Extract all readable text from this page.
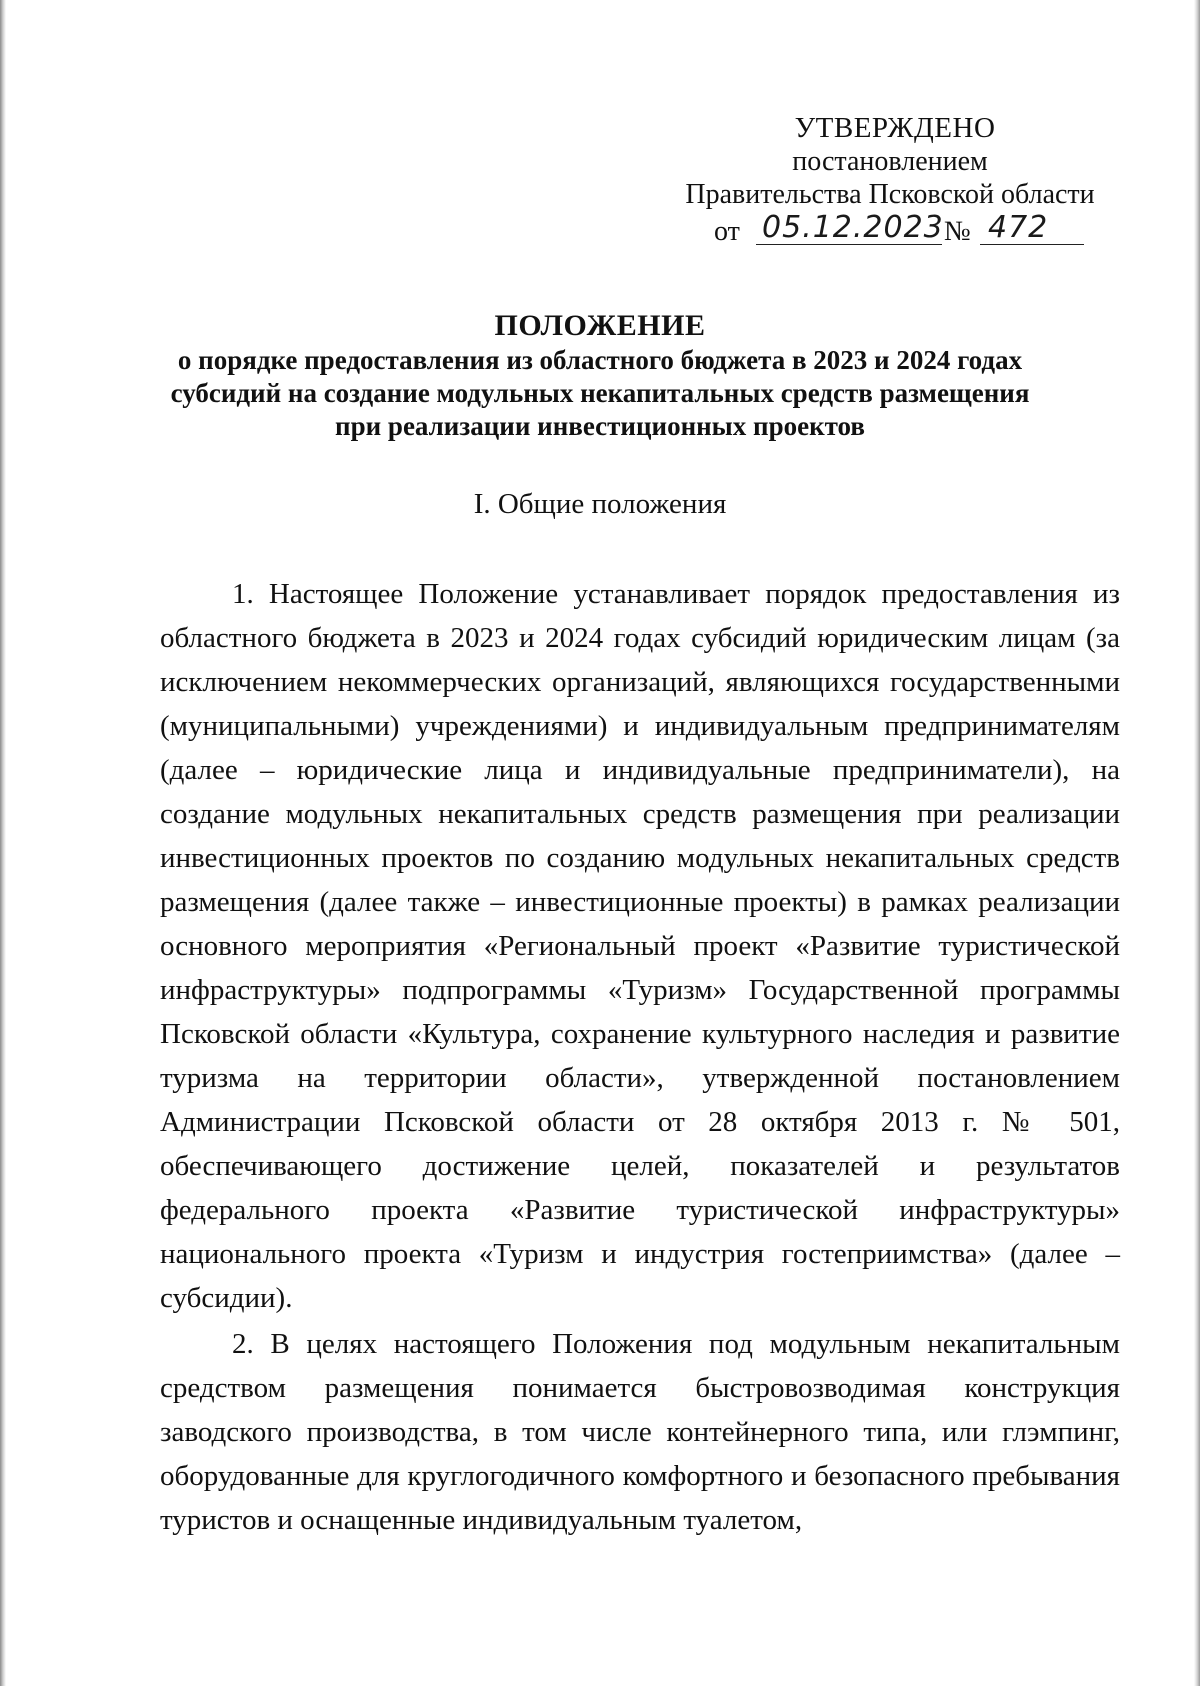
УТВЕРЖДЕНО
постановлением
Правительства Псковской области
от 05.12.2023 № 472
ПОЛОЖЕНИЕ
о порядке предоставления из областного бюджета в 2023 и 2024 годах субсидий на создание модульных некапитальных средств размещения при реализации инвестиционных проектов
I. Общие положения

1. Настоящее Положение устанавливает порядок предоставления из областного бюджета в 2023 и 2024 годах субсидий юридическим лицам (за исключением некоммерческих организаций, являющихся государственными (муниципальными) учреждениями) и индивидуальным предпринимателям (далее – юридические лица и индивидуальные предприниматели), на создание модульных некапитальных средств размещения при реализации инвестиционных проектов по созданию модульных некапитальных средств размещения (далее также – инвестиционные проекты) в рамках реализации основного мероприятия «Региональный проект «Развитие туристической инфраструктуры» подпрограммы «Туризм» Государственной программы Псковской области «Культура, сохранение культурного наследия и развитие туризма на территории области», утвержденной постановлением Администрации Псковской области от 28 октября 2013 г. № 501, обеспечивающего достижение целей, показателей и результатов федерального проекта «Развитие туристической инфраструктуры» национального проекта «Туризм и индустрия гостеприимства» (далее – субсидии).

2. В целях настоящего Положения под модульным некапитальным средством размещения понимается быстровозводимая конструкция заводского производства, в том числе контейнерного типа, или глэмпинг, оборудованные для круглогодичного комфортного и безопасного пребывания туристов и оснащенные индивидуальным туалетом,
